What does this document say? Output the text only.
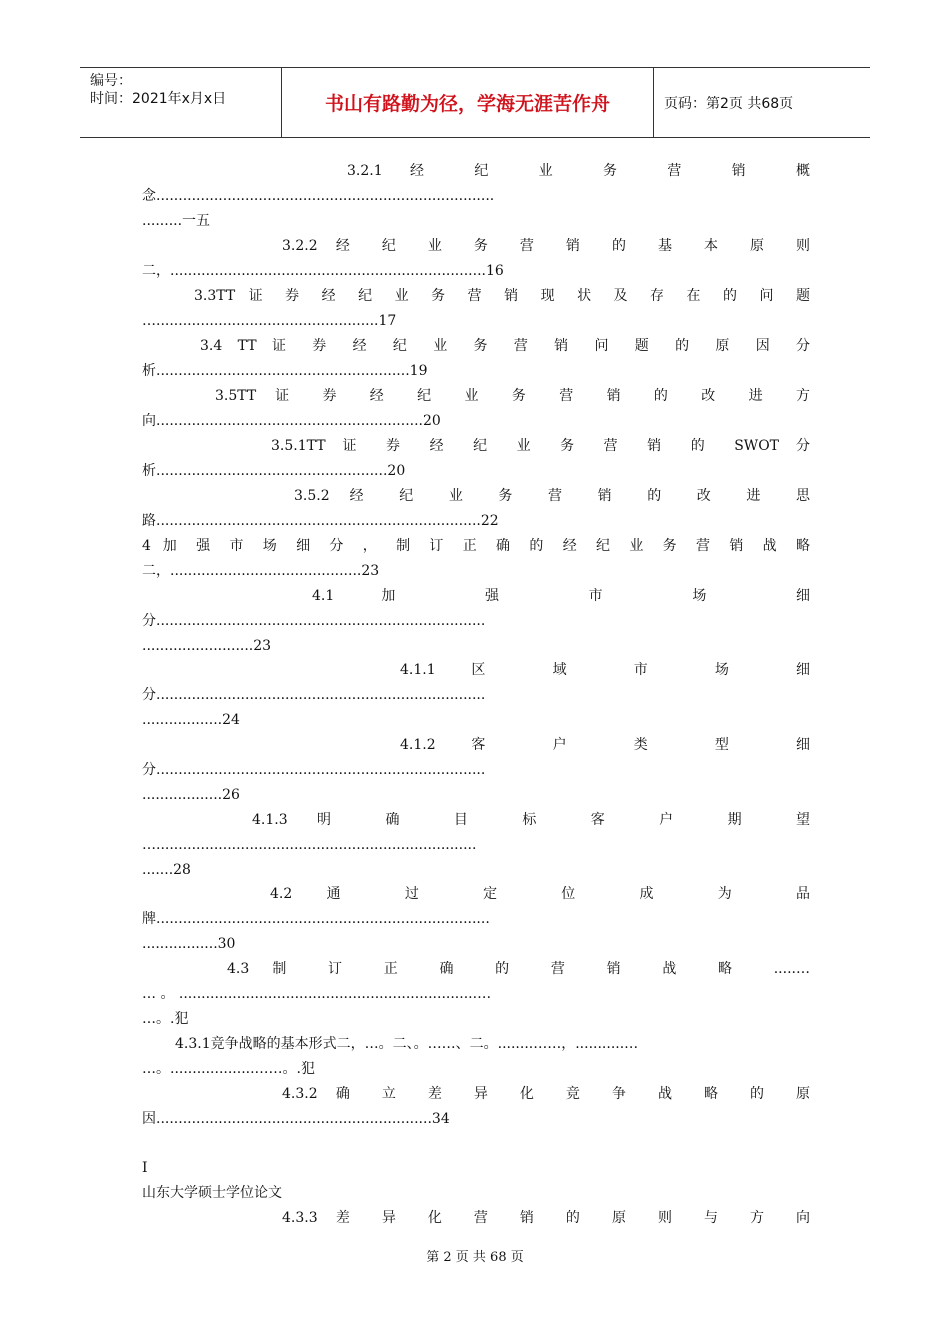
编号：
时间：2021年x月x日	书山有路勤为径，学海无涯苦作舟	页码：第2页 共68页
3.2.1 经 纪 业 务 营 销 概
念............................................................................
.........一五
3.2.2 经 纪 业 务 营 销 的 基 本 原 则
二，.......................................................................16
3.3TT 证 券 经 纪 业 务 营 销 现 状 及 存 在 的 问 题
…..................................................17
3.4 TT 证 券 经 纪 业 务 营 销 问 题 的 原 因 分
析.........................................................19
3.5TT 证 券 经 纪 业 务 营 销 的 改 进 方
向............................................................20
3.5.1TT 证 券 经 纪 业 务 营 销 的 SWOT 分
析....................................................20
3.5.2 经 纪 业 务 营 销 的 改 进 思
路.........................................................................22
4 加 强 市 场 细 分 ， 制 订 正 确 的 经 纪 业 务 营 销 战 略
二，...........................................23
4.1 加 强 市 场 细
分..........................................................................
.........................23
4.1.1 区 域 市 场 细
分..........................................................................
..................24
4.1.2 客 户 类 型 细
分..........................................................................
..................26
4.1.3 明 确 目 标 客 户 期 望
…........................................................................
.......28
4.2 通 过 定 位 成 为 品
牌...........................................................................
.................30
4.3 制 订 正 确 的 营 销 战 略 .....…
… 。 ...................................................................…
…。.犯
4.3.1竞争战略的基本形式二，…。二、。……、二。........……，...........…
…。...................……。.犯
4.3.2 确 立 差 异 化 竞 争 战 略 的 原
因..............................................................34
I
山东大学硕士学位论文
4.3.3 差 异 化 营 销 的 原 则 与 方 向
第 2 页 共 68 页
